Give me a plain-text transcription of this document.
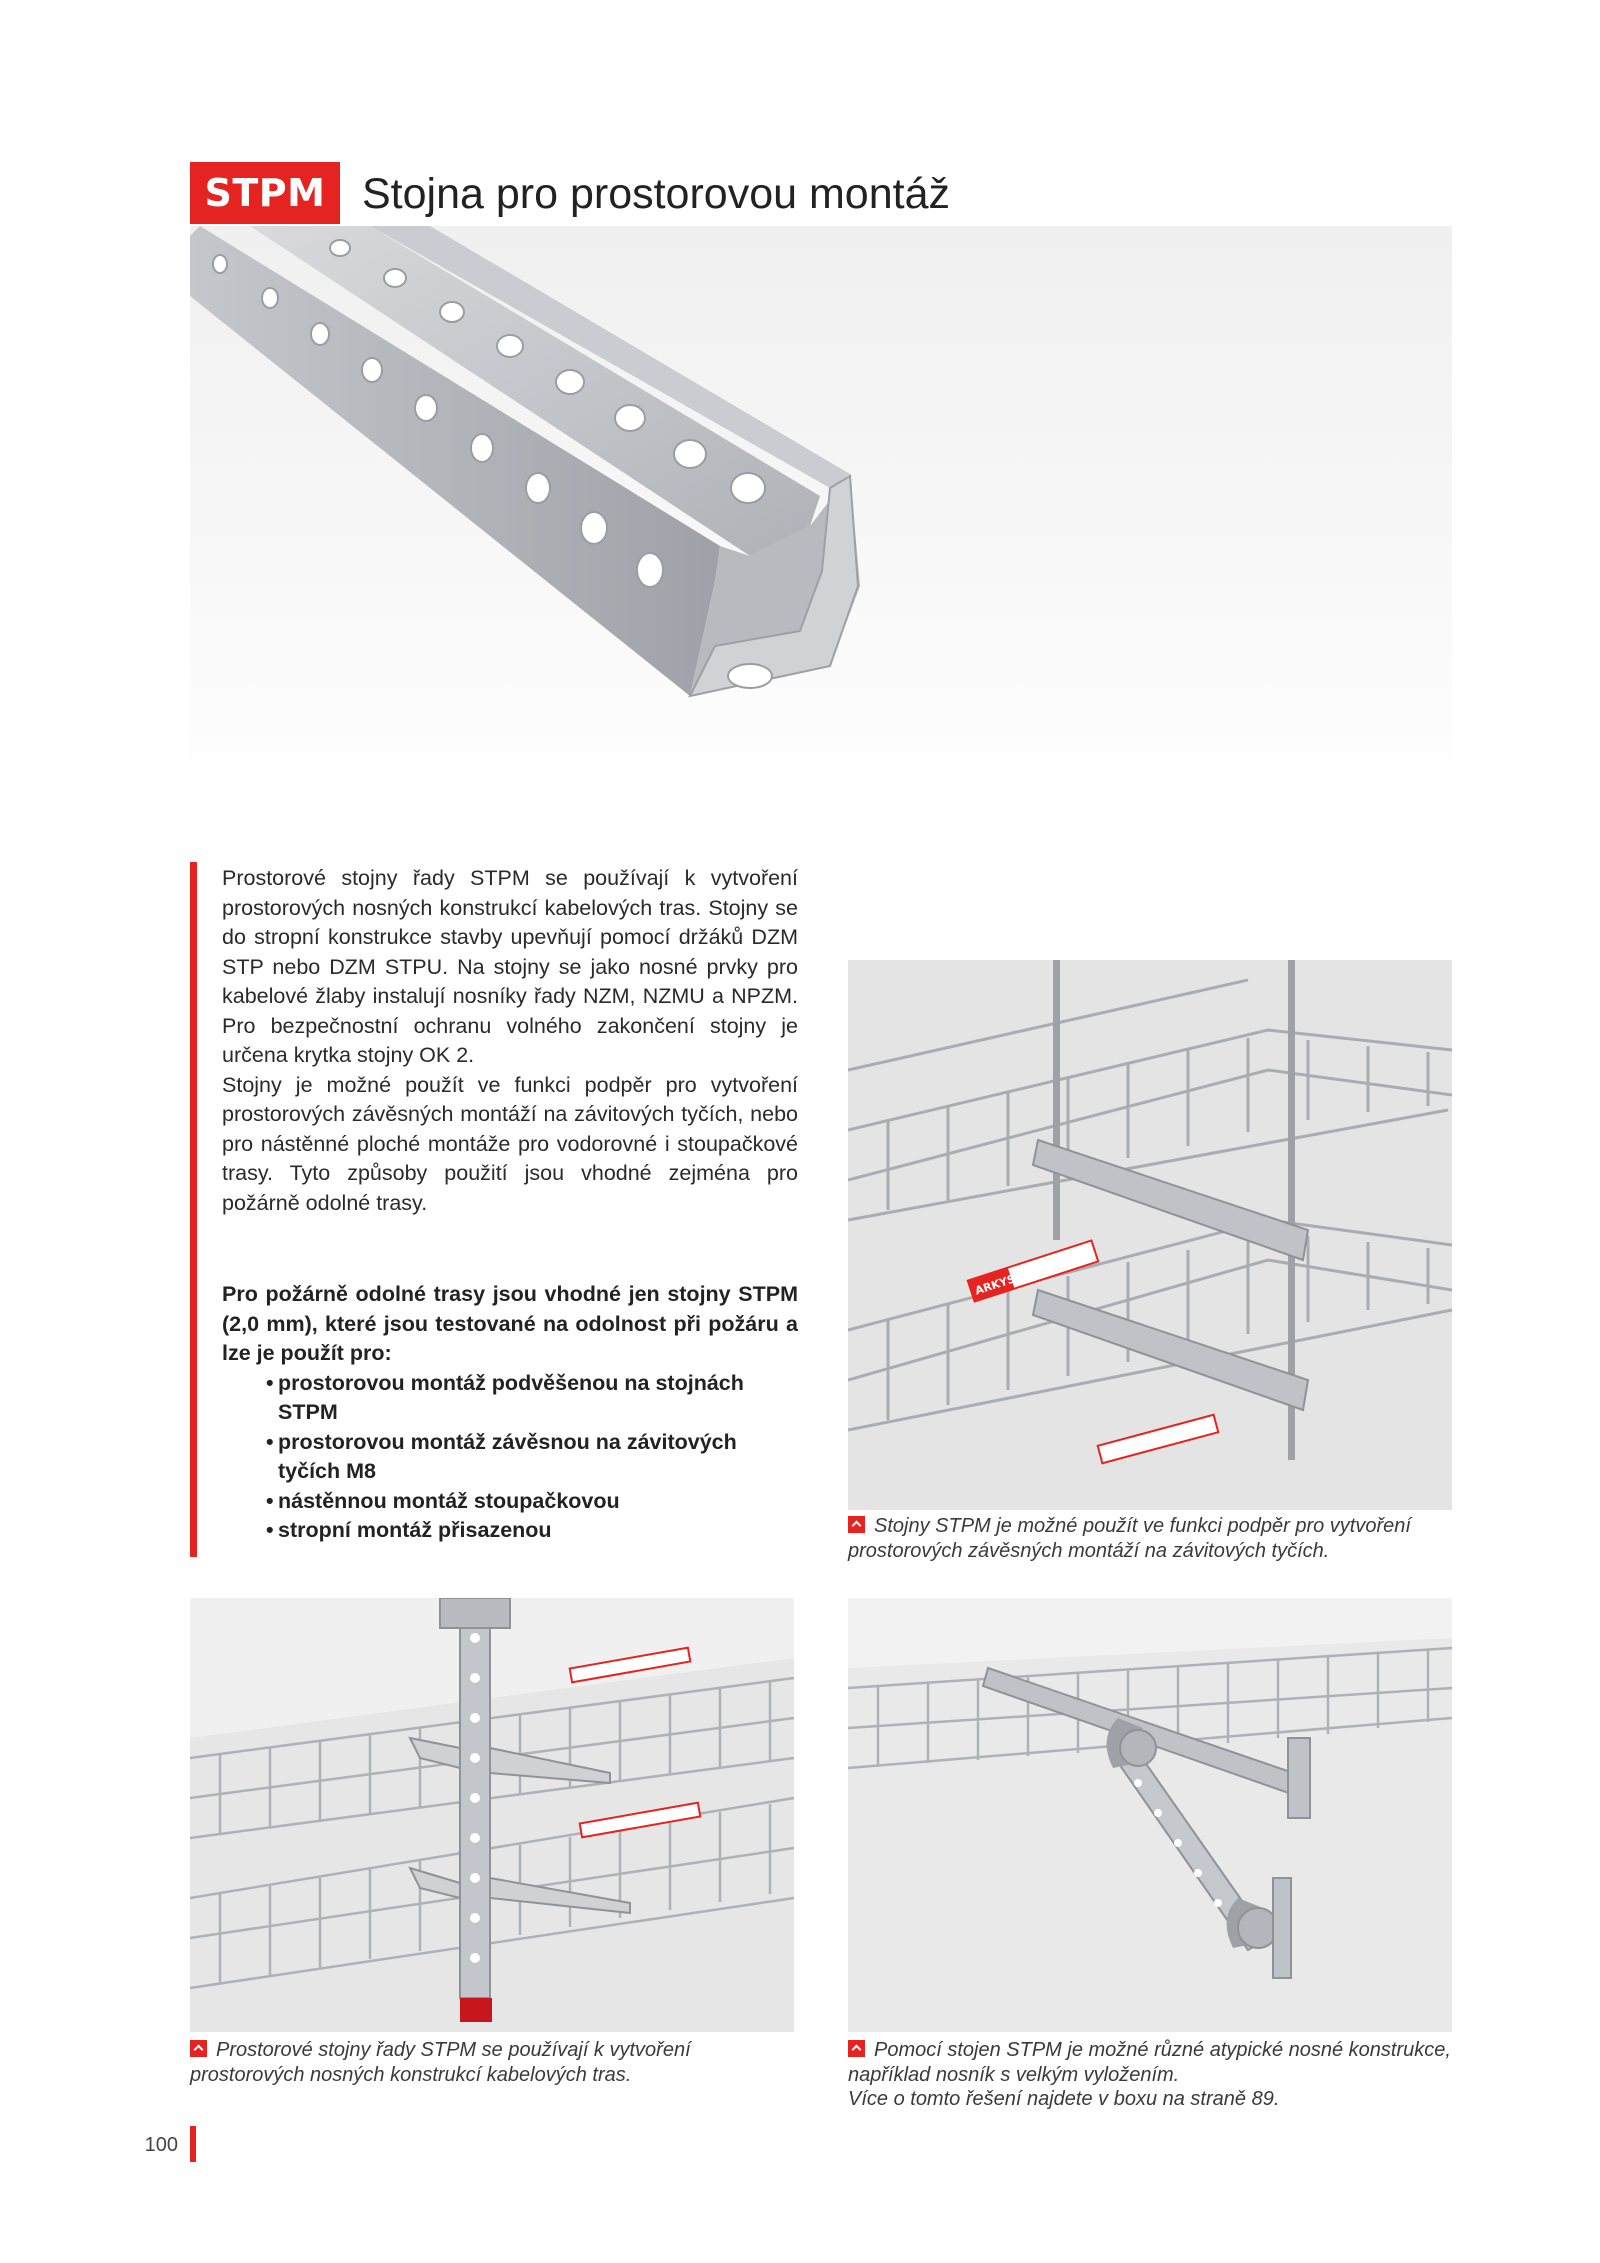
STPM Stojna pro prostorovou montáž

Prostorové stojny řady STPM se používají k vytvoření prostorových nosných konstrukcí kabelových tras. Stojny se do stropní konstrukce stavby upevňují pomocí držáků DZM STP nebo DZM STPU. Na stojny se jako nosné prvky pro kabelové žlaby instalují nosníky řady NZM, NZMU a NPZM. Pro bezpečnostní ochranu volného zakončení stojny je určena krytka stojny OK 2.

Stojny je možné použít ve funkci podpěr pro vytvoření prostorových závěsných montáží na závitových tyčích, nebo pro nástěnné ploché montáže pro vodorovné i stoupačkové trasy. Tyto způsoby použití jsou vhodné zejména pro požárně odolné trasy.

Pro požárně odolné trasy jsou vhodné jen stojny STPM (2,0 mm), které jsou testované na odolnost při požáru a lze je použít pro:

• prostorovou montáž podvěšenou na stojnách STPM
• prostorovou montáž závěsnou na závitových tyčích M8
• nástěnnou montáž stoupačkovou
• stropní montáž přisazenou
ARKYS

Stojny STPM je možné použít ve funkci podpěr pro vytvoření prostorových závěsných montáží na závitových tyčích.

Prostorové stojny řady STPM se používají k vytvoření prostorových nosných konstrukcí kabelových tras.

Pomocí stojen STPM je možné různé atypické nosné konstrukce, například nosník s velkým vyložením.

Více o tomto řešení najdete v boxu na straně 89.

100
